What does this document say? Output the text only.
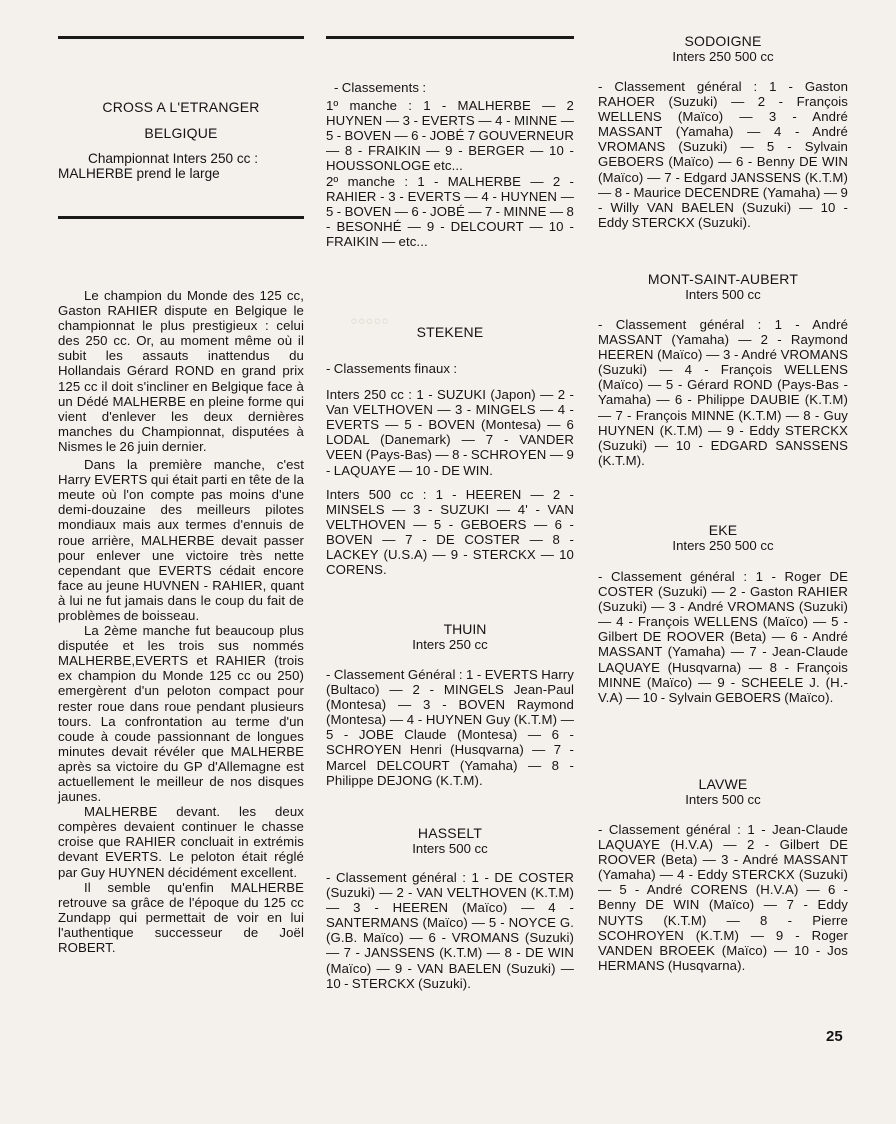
◦◦◦◦◦

CROSS A L'ETRANGER

BELGIQUE

Championnat Inters 250 cc :

MALHERBE prend le large

Le champion du Monde des 125 cc, Gaston RAHIER dispute en Belgique le championnat le plus prestigieux : celui des 250 cc. Or, au moment même où il subit les assauts inattendus du Hollandais Gérard ROND en grand prix 125 cc il doit s'incliner en Belgique face à un Dédé MALHERBE en pleine forme qui vient d'enlever les deux dernières manches du Championnat, disputées à Nismes le 26 juin dernier.

Dans la première manche, c'est Harry EVERTS qui était parti en tête de la meute où l'on compte pas moins d'une demi-douzaine des meilleurs pilotes mondiaux mais aux termes d'ennuis de roue arrière, MALHERBE devait passer pour enlever une victoire très nette cependant que EVERTS cédait encore face au jeune HUVNEN - RAHIER, quant à lui ne fut jamais dans le coup du fait de problèmes de boisseau.

La 2ème manche fut beaucoup plus disputée et les trois sus nommés MALHERBE,EVERTS et RAHIER (trois ex champion du Monde 125 cc ou 250) emergèrent d'un peloton compact pour rester roue dans roue pendant plusieurs tours. La confrontation au terme d'un coude à coude passionnant de longues minutes devait révéler que MALHERBE après sa victoire du GP d'Allemagne est actuellement le meilleur de nos disques jaunes.

MALHERBE devant. les deux compères devaient continuer le chasse croise que RAHIER concluait in extrémis devant EVERTS. Le peloton était réglé par Guy HUYNEN décidément excellent.

Il semble qu'enfin MALHERBE retrouve sa grâce de l'époque du 125 cc Zundapp qui permettait de voir en lui l'authentique successeur de Joël ROBERT.

- Classements :

1º manche : 1 - MALHERBE — 2 HUYNEN — 3 - EVERTS — 4 - MINNE — 5 - BOVEN — 6 - JOBÉ 7 GOUVERNEUR — 8 - FRAIKIN — 9 - BERGER — 10 - HOUSSONLOGE etc...

2º manche : 1 - MALHERBE — 2 - RAHIER - 3 - EVERTS — 4 - HUYNEN — 5 - BOVEN — 6 - JOBÉ — 7 - MINNE — 8 - BESONHÉ — 9 - DELCOURT — 10 - FRAIKIN — etc...

STEKENE

- Classements finaux :

Inters 250 cc : 1 - SUZUKI (Japon) — 2 - Van VELTHOVEN — 3 - MINGELS — 4 - EVERTS — 5 - BOVEN (Montesa) — 6 LODAL (Danemark) — 7 - VANDER VEEN (Pays-Bas) — 8 - SCHROYEN — 9 - LAQUAYE — 10 - DE WIN.

Inters 500 cc : 1 - HEEREN — 2 - MINSELS — 3 - SUZUKI — 4' - VAN VELTHOVEN — 5 - GEBOERS — 6 - BOVEN — 7 - DE COSTER — 8 - LACKEY (U.S.A) — 9 - STERCKX — 10 CORENS.

THUIN

Inters 250 cc

- Classement Général : 1 - EVERTS Harry (Bultaco) — 2 - MINGELS Jean-Paul (Montesa) — 3 - BOVEN Raymond (Montesa) — 4 - HUYNEN Guy (K.T.M) — 5 - JOBE Claude (Montesa) — 6 - SCHROYEN Henri (Husqvarna) — 7 - Marcel DELCOURT (Yamaha) — 8 - Philippe DEJONG (K.T.M).

HASSELT

Inters 500 cc

- Classement général : 1 - DE COSTER (Suzuki) — 2 - VAN VELTHOVEN (K.T.M) — 3 - HEEREN (Maïco) — 4 - SANTERMANS (Maïco) — 5 - NOYCE G. (G.B. Maïco) — 6 - VROMANS (Suzuki) — 7 - JANSSENS (K.T.M) — 8 - DE WIN (Maïco) — 9 - VAN BAELEN (Suzuki) — 10 - STERCKX (Suzuki).

SODOIGNE

Inters 250 500 cc

- Classement général : 1 - Gaston RAHOER (Suzuki) — 2 - François WELLENS (Maïco) — 3 - André MASSANT (Yamaha) — 4 - André VROMANS (Suzuki) — 5 - Sylvain GEBOERS (Maïco) — 6 - Benny DE WIN (Maïco) — 7 - Edgard JANSSENS (K.T.M) — 8 - Maurice DECENDRE (Yamaha) — 9 - Willy VAN BAELEN (Suzuki) — 10 - Eddy STERCKX (Suzuki).

MONT-SAINT-AUBERT

Inters 500 cc

- Classement général : 1 - André MASSANT (Yamaha) — 2 - Raymond HEEREN (Maïco) — 3 - André VROMANS (Suzuki) — 4 - François WELLENS (Maïco) — 5 - Gérard ROND (Pays-Bas - Yamaha) — 6 - Philippe DAUBIE (K.T.M) — 7 - François MINNE (K.T.M) — 8 - Guy HUYNEN (K.T.M) — 9 - Eddy STERCKX (Suzuki) — 10 - EDGARD SANSSENS (K.T.M).

EKE

Inters 250 500 cc

- Classement général : 1 - Roger DE COSTER (Suzuki) — 2 - Gaston RAHIER (Suzuki) — 3 - André VROMANS (Suzuki) — 4 - François WELLENS (Maïco) — 5 - Gilbert DE ROOVER (Beta) — 6 - André MASSANT (Yamaha) — 7 - Jean-Claude LAQUAYE (Husqvarna) — 8 - François MINNE (Maïco) — 9 - SCHEELE J. (H.-V.A) — 10 - Sylvain GEBOERS (Maïco).

LAVWE

Inters 500 cc

- Classement général : 1 - Jean-Claude LAQUAYE (H.V.A) — 2 - Gilbert DE ROOVER (Beta) — 3 - André MASSANT (Yamaha) — 4 - Eddy STERCKX (Suzuki) — 5 - André CORENS (H.V.A) — 6 - Benny DE WIN (Maïco) — 7 - Eddy NUYTS (K.T.M) — 8 - Pierre SCOHROYEN (K.T.M) — 9 - Roger VANDEN BROEEK (Maïco) — 10 - Jos HERMANS (Husqvarna).

25
